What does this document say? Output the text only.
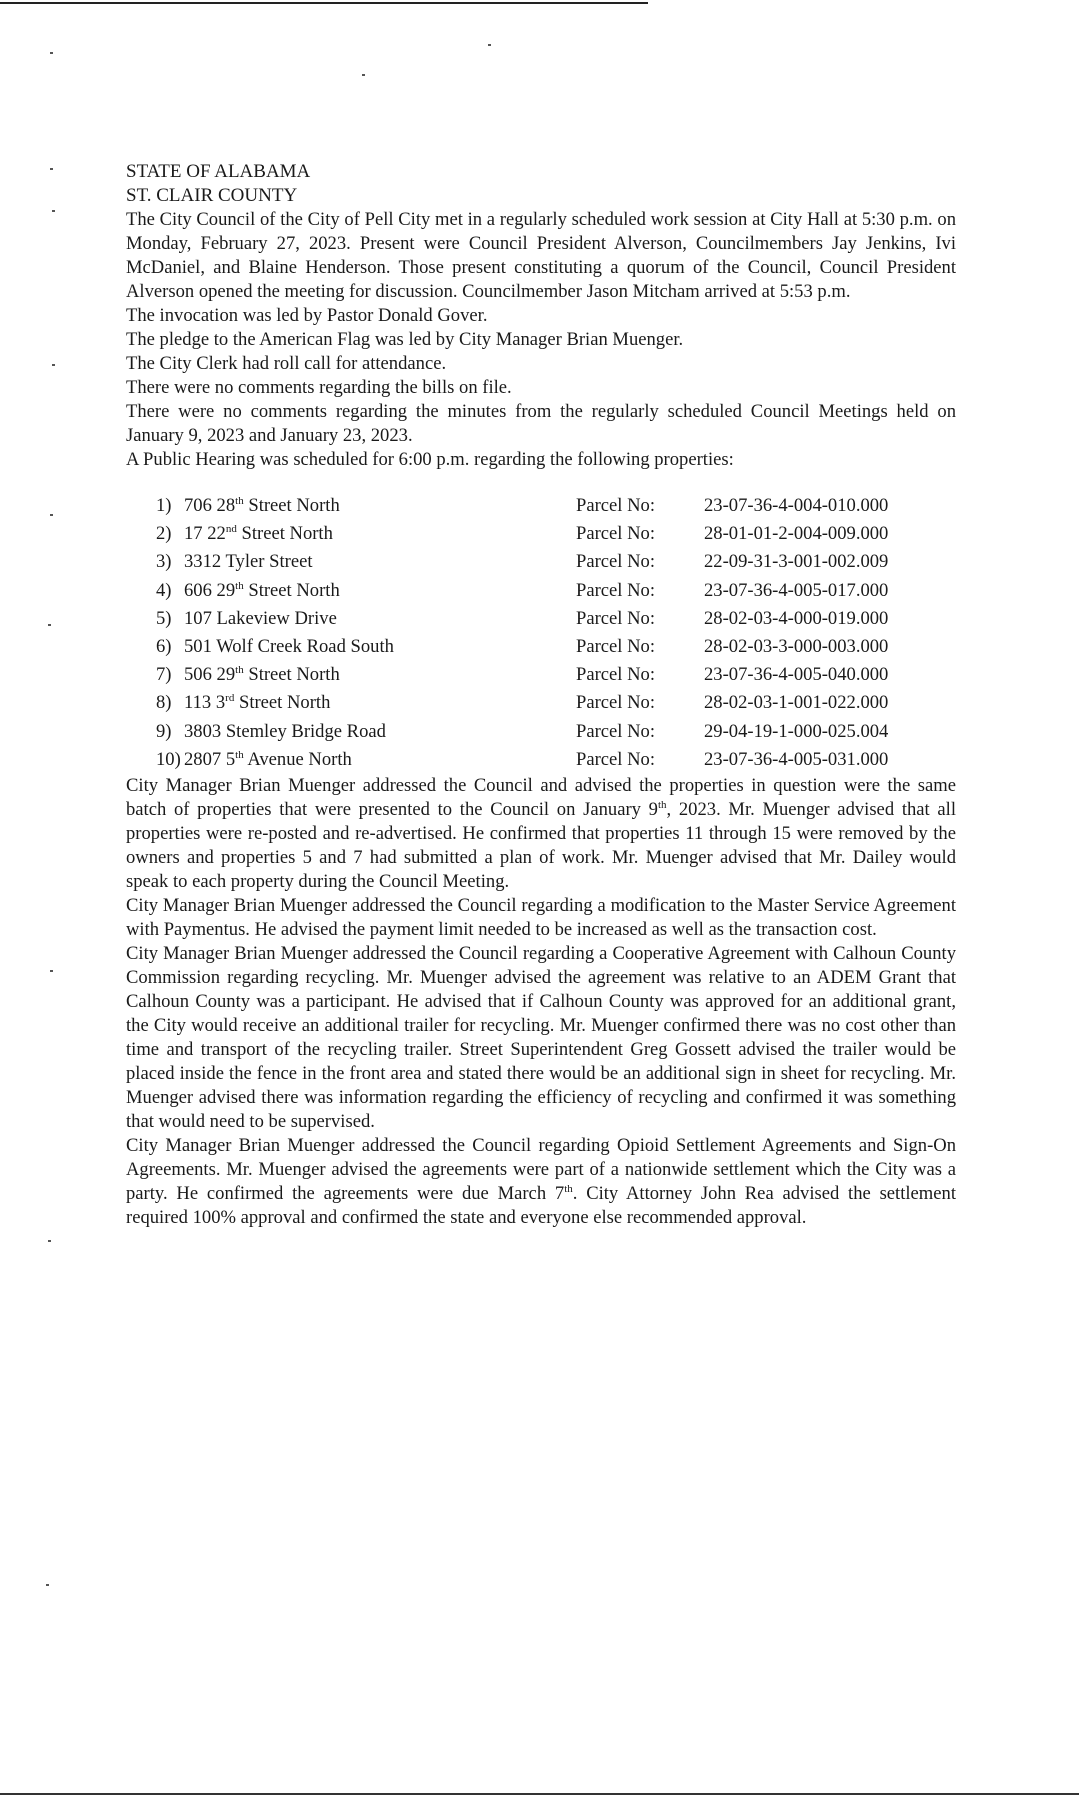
STATE OF ALABAMA
ST. CLAIR COUNTY

The City Council of the City of Pell City met in a regularly scheduled work session at City Hall at 5:30 p.m. on Monday, February 27, 2023. Present were Council President Alverson, Councilmembers Jay Jenkins, Ivi McDaniel, and Blaine Henderson. Those present constituting a quorum of the Council, Council President Alverson opened the meeting for discussion. Councilmember Jason Mitcham arrived at 5:53 p.m.

The invocation was led by Pastor Donald Gover.

The pledge to the American Flag was led by City Manager Brian Muenger.

The City Clerk had roll call for attendance.

There were no comments regarding the bills on file.

There were no comments regarding the minutes from the regularly scheduled Council Meetings held on January 9, 2023 and January 23, 2023.

A Public Hearing was scheduled for 6:00 p.m. regarding the following properties:

1)	706 28th Street North	Parcel No:	23-07-36-4-004-010.000
2)	17 22nd Street North	Parcel No:	28-01-01-2-004-009.000
3)	3312 Tyler Street	Parcel No:	22-09-31-3-001-002.009
4)	606 29th Street North	Parcel No:	23-07-36-4-005-017.000
5)	107 Lakeview Drive	Parcel No:	28-02-03-4-000-019.000
6)	501 Wolf Creek Road South	Parcel No:	28-02-03-3-000-003.000
7)	506 29th Street North	Parcel No:	23-07-36-4-005-040.000
8)	113 3rd Street North	Parcel No:	28-02-03-1-001-022.000
9)	3803 Stemley Bridge Road	Parcel No:	29-04-19-1-000-025.004
10)	2807 5th Avenue North	Parcel No:	23-07-36-4-005-031.000

City Manager Brian Muenger addressed the Council and advised the properties in question were the same batch of properties that were presented to the Council on January 9th, 2023. Mr. Muenger advised that all properties were re-posted and re-advertised. He confirmed that properties 11 through 15 were removed by the owners and properties 5 and 7 had submitted a plan of work. Mr. Muenger advised that Mr. Dailey would speak to each property during the Council Meeting.

City Manager Brian Muenger addressed the Council regarding a modification to the Master Service Agreement with Paymentus. He advised the payment limit needed to be increased as well as the transaction cost.

City Manager Brian Muenger addressed the Council regarding a Cooperative Agreement with Calhoun County Commission regarding recycling. Mr. Muenger advised the agreement was relative to an ADEM Grant that Calhoun County was a participant. He advised that if Calhoun County was approved for an additional grant, the City would receive an additional trailer for recycling. Mr. Muenger confirmed there was no cost other than time and transport of the recycling trailer. Street Superintendent Greg Gossett advised the trailer would be placed inside the fence in the front area and stated there would be an additional sign in sheet for recycling. Mr. Muenger advised there was information regarding the efficiency of recycling and confirmed it was something that would need to be supervised.

City Manager Brian Muenger addressed the Council regarding Opioid Settlement Agreements and Sign-On Agreements. Mr. Muenger advised the agreements were part of a nationwide settlement which the City was a party. He confirmed the agreements were due March 7th. City Attorney John Rea advised the settlement required 100% approval and confirmed the state and everyone else recommended approval.
